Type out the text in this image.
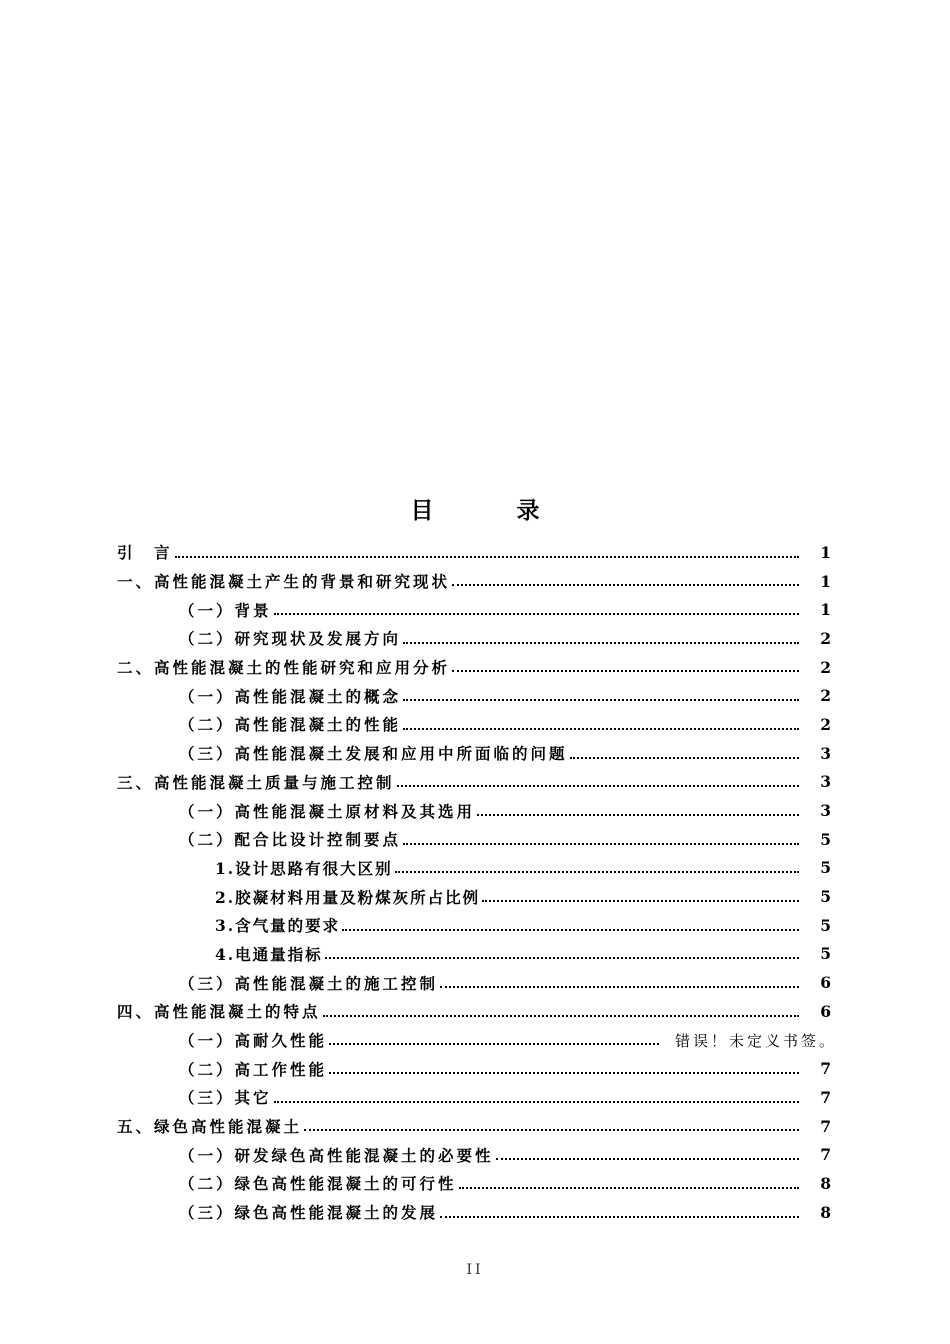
目　录
引　言	1
一、高性能混凝土产生的背景和研究现状	1
（一）背景	1
（二）研究现状及发展方向	2
二、高性能混凝土的性能研究和应用分析	2
（一）高性能混凝土的概念	2
（二）高性能混凝土的性能	2
（三）高性能混凝土发展和应用中所面临的问题	3
三、高性能混凝土质量与施工控制	3
（一）高性能混凝土原材料及其选用	3
（二）配合比设计控制要点	5
1.设计思路有很大区别	5
2.胶凝材料用量及粉煤灰所占比例	5
3.含气量的要求	5
4.电通量指标	5
（三）高性能混凝土的施工控制	6
四、高性能混凝土的特点	6
（一）高耐久性能	错误！未定义书签。
（二）高工作性能	7
（三）其它	7
五、绿色高性能混凝土	7
（一）研发绿色高性能混凝土的必要性	7
（二）绿色高性能混凝土的可行性	8
（三）绿色高性能混凝土的发展	8
II
